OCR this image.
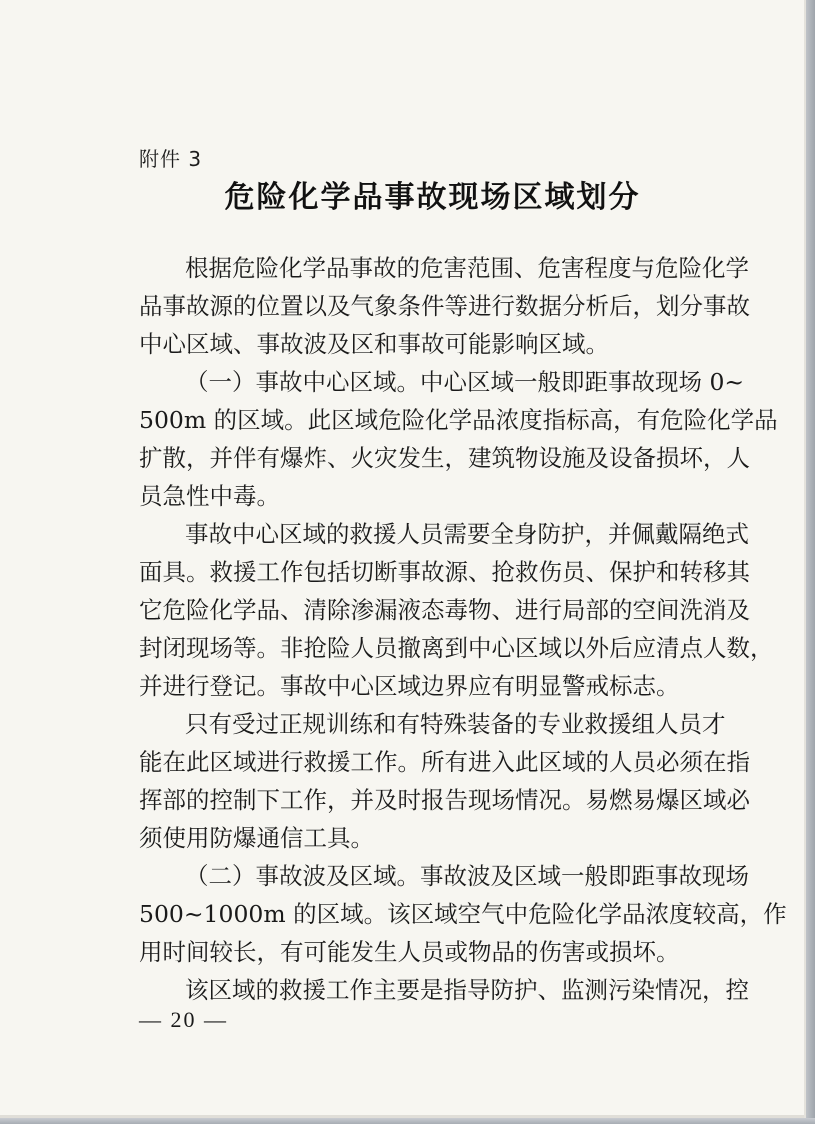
附件 3
危险化学品事故现场区域划分
根据危险化学品事故的危害范围、危害程度与危险化学
品事故源的位置以及气象条件等进行数据分析后，划分事故
中心区域、事故波及区和事故可能影响区域。
（一）事故中心区域。中心区域一般即距事故现场 0~
500m 的区域。此区域危险化学品浓度指标高，有危险化学品
扩散，并伴有爆炸、火灾发生，建筑物设施及设备损坏，人
员急性中毒。
事故中心区域的救援人员需要全身防护，并佩戴隔绝式
面具。救援工作包括切断事故源、抢救伤员、保护和转移其
它危险化学品、清除渗漏液态毒物、进行局部的空间洗消及
封闭现场等。非抢险人员撤离到中心区域以外后应清点人数，
并进行登记。事故中心区域边界应有明显警戒标志。
只有受过正规训练和有特殊装备的专业救援组人员才
能在此区域进行救援工作。所有进入此区域的人员必须在指
挥部的控制下工作，并及时报告现场情况。易燃易爆区域必
须使用防爆通信工具。
（二）事故波及区域。事故波及区域一般即距事故现场
500~1000m 的区域。该区域空气中危险化学品浓度较高，作
用时间较长，有可能发生人员或物品的伤害或损坏。
该区域的救援工作主要是指导防护、监测污染情况，控
— 20 —
